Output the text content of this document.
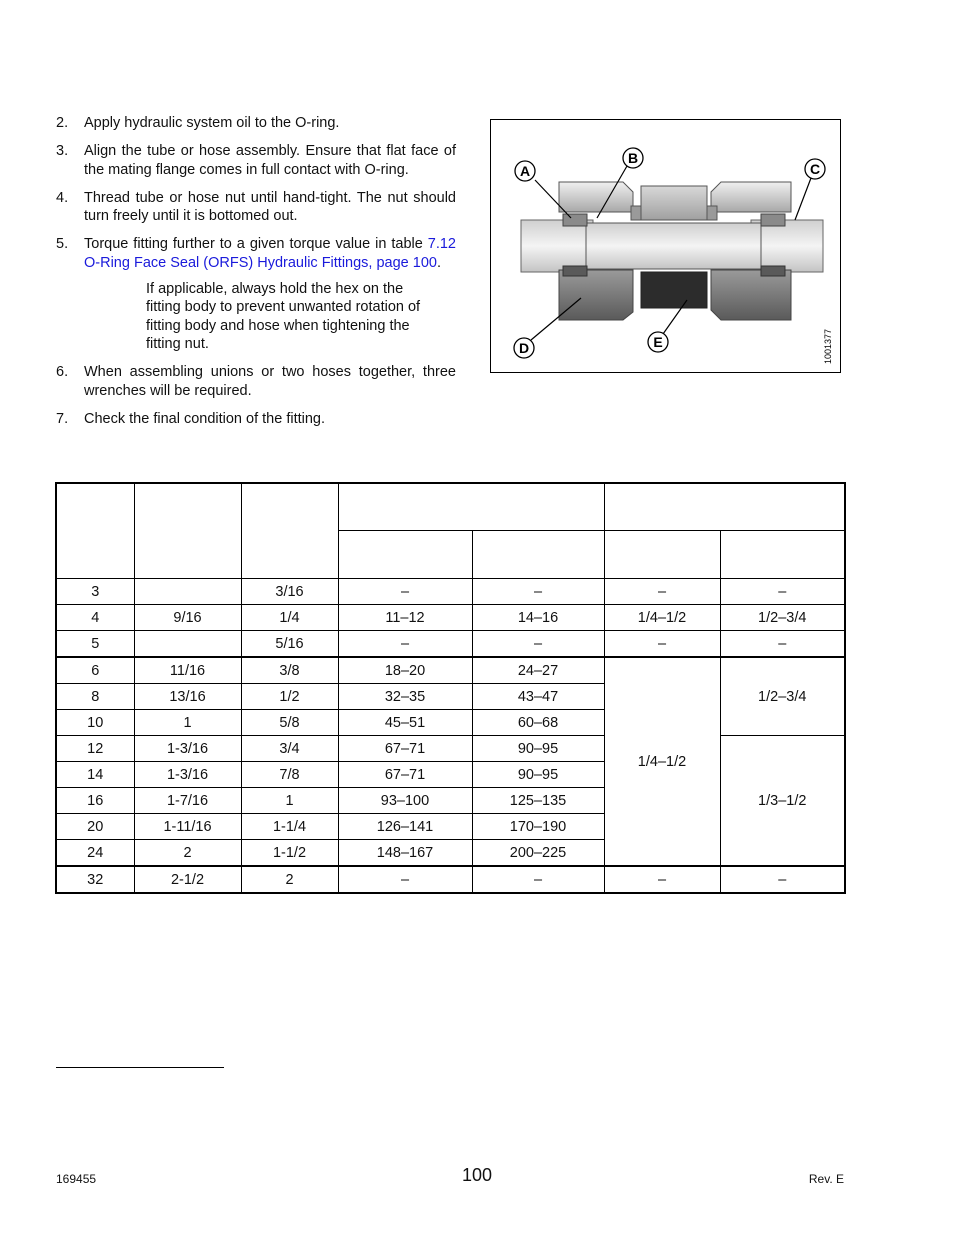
2. Apply hydraulic system oil to the O-ring.
3. Align the tube or hose assembly. Ensure that flat face of the mating flange comes in full contact with O-ring.
4. Thread tube or hose nut until hand-tight. The nut should turn freely until it is bottomed out.
5. Torque fitting further to a given torque value in table 7.12 O-Ring Face Seal (ORFS) Hydraulic Fittings, page 100.
If applicable, always hold the hex on the fitting body to prevent unwanted rotation of fitting body and hose when tightening the fitting nut.
6. When assembling unions or two hoses together, three wrenches will be required.
7. Check the final condition of the fitting.
A
B
C
D	E	1001377

3		3/16	–	–	–	–
4	9/16	1/4	11–12	14–16	1/4–1/2	1/2–3/4
5		5/16	–	–	–	–
6	11/16	3/8	18–20	24–27	1/4–1/2	1/2–3/4
8	13/16	1/2	32–35	43–47		
10	1	5/8	45–51	60–68		
12	1-3/16	3/4	67–71	90–95		1/3–1/2
14	1-3/16	7/8	67–71	90–95		
16	1-7/16	1	93–100	125–135		
20	1-11/16	1-1/4	126–141	170–190		
24	2	1-1/2	148–167	200–225		
32	2-1/2	2	–	–	–	–
169455	100	Rev. E
